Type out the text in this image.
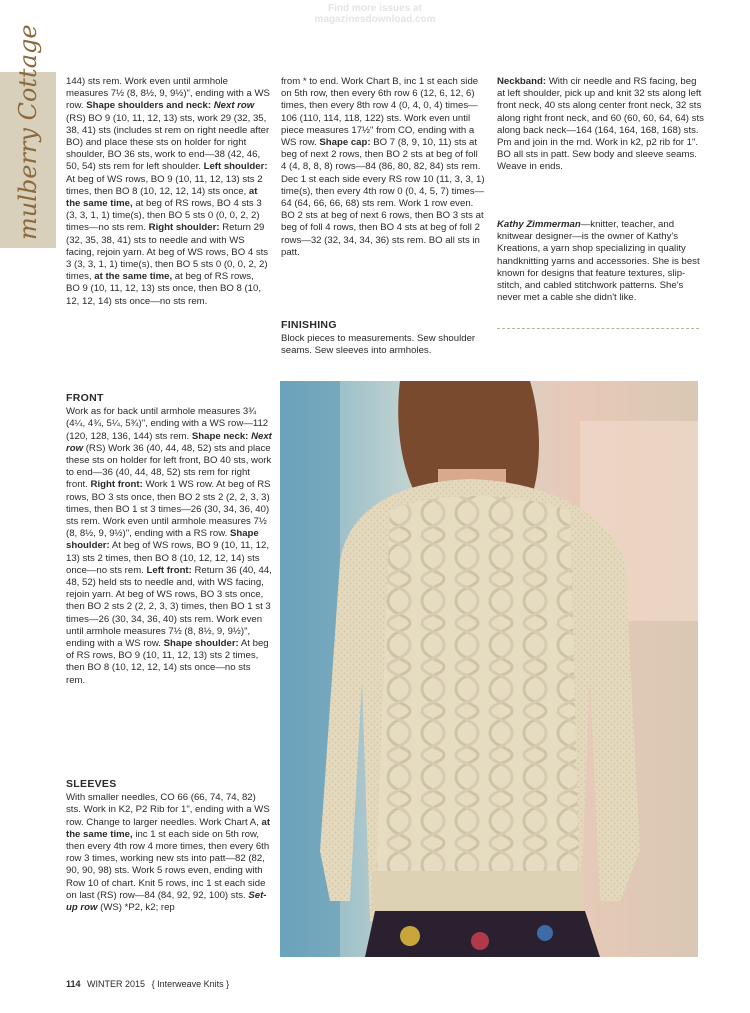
Find more issues at
magazinesdownload.com
mulberry Cottage	144) sts rem. Work even until armhole measures 7½ (8, 8½, 9, 9½)", ending with a WS row. Shape shoulders and neck: Next row (RS) BO 9 (10, 11, 12, 13) sts, work 29 (32, 35, 38, 41) sts (includes st rem on right needle after BO) and place these sts on holder for right shoulder, BO 36 sts, work to end—38 (42, 46, 50, 54) sts rem for left shoulder. Left shoulder: At beg of WS rows, BO 9 (10, 11, 12, 13) sts 2 times, then BO 8 (10, 12, 12, 14) sts once, at the same time, at beg of RS rows, BO 4 sts 3 (3, 3, 1, 1) time(s), then BO 5 sts 0 (0, 0, 2, 2) times—no sts rem. Right shoulder: Return 29 (32, 35, 38, 41) sts to needle and with WS facing, rejoin yarn. At beg of WS rows, BO 4 sts 3 (3, 3, 1, 1) time(s), then BO 5 sts 0 (0, 0, 2, 2) times, at the same time, at beg of RS rows, BO 9 (10, 11, 12, 13) sts once, then BO 8 (10, 12, 12, 14) sts once—no sts rem.

FRONT

Work as for back until armhole measures 3¾ (4¼, 4¾, 5¼, 5¾)", ending with a WS row—112 (120, 128, 136, 144) sts rem. Shape neck: Next row (RS) Work 36 (40, 44, 48, 52) sts and place these sts on holder for left front, BO 40 sts, work to end—36 (40, 44, 48, 52) sts rem for right front. Right front: Work 1 WS row. At beg of RS rows, BO 3 sts once, then BO 2 sts 2 (2, 2, 3, 3) times, then BO 1 st 3 times—26 (30, 34, 36, 40) sts rem. Work even until armhole measures 7½ (8, 8½, 9, 9½)", ending with a RS row. Shape shoulder: At beg of WS rows, BO 9 (10, 11, 12, 13) sts 2 times, then BO 8 (10, 12, 12, 14) sts once—no sts rem. Left front: Return 36 (40, 44, 48, 52) held sts to needle and, with WS facing, rejoin yarn. At beg of WS rows, BO 3 sts once, then BO 2 sts 2 (2, 2, 3, 3) times, then BO 1 st 3 times—26 (30, 34, 36, 40) sts rem. Work even until armhole measures 7½ (8, 8½, 9, 9½)", ending with a WS row. Shape shoulder: At beg of RS rows, BO 9 (10, 11, 12, 13) sts 2 times, then BO 8 (10, 12, 12, 14) sts once—no sts rem.

SLEEVES

With smaller needles, CO 66 (66, 74, 74, 82) sts. Work in K2, P2 Rib for 1", ending with a WS row. Change to larger needles. Work Chart A, at the same time, inc 1 st each side on 5th row, then every 4th row 4 more times, then every 6th row 3 times, working new sts into patt—82 (82, 90, 90, 98) sts. Work 5 rows even, ending with Row 10 of chart. Knit 5 rows, inc 1 st each side on last (RS) row—84 (84, 92, 92, 100) sts. Set-up row (WS) *P2, k2; rep

from * to end. Work Chart B, inc 1 st each side on 5th row, then every 6th row 6 (12, 6, 12, 6) times, then every 8th row 4 (0, 4, 0, 4) times—106 (110, 114, 118, 122) sts. Work even until piece measures 17½" from CO, ending with a WS row. Shape cap: BO 7 (8, 9, 10, 11) sts at beg of next 2 rows, then BO 2 sts at beg of foll 4 (4, 8, 8, 8) rows—84 (86, 80, 82, 84) sts rem. Dec 1 st each side every RS row 10 (11, 3, 3, 1) time(s), then every 4th row 0 (0, 4, 5, 7) times—64 (64, 66, 66, 68) sts rem. Work 1 row even. BO 2 sts at beg of next 6 rows, then BO 3 sts at beg of foll 4 rows, then BO 4 sts at beg of foll 2 rows—32 (32, 34, 34, 36) sts rem. BO all sts in patt.

FINISHING

Block pieces to measurements. Sew shoulder seams. Sew sleeves into armholes.

Neckband: With cir needle and RS facing, beg at left shoulder, pick up and knit 32 sts along left front neck, 40 sts along center front neck, 32 sts along right front neck, and 60 (60, 60, 64, 64) sts along back neck—164 (164, 164, 168, 168) sts. Pm and join in the rnd. Work in k2, p2 rib for 1". BO all sts in patt. Sew body and sleeve seams. Weave in ends.

Kathy Zimmerman—knitter, teacher, and knitwear designer—is the owner of Kathy's Kreations, a yarn shop specializing in quality handknitting yarns and accessories. She is best known for designs that feature textures, slip-stitch, and cabled stitchwork patterns. She's never met a cable she didn't like.

114 WINTER 2015 { Interweave Knits }
